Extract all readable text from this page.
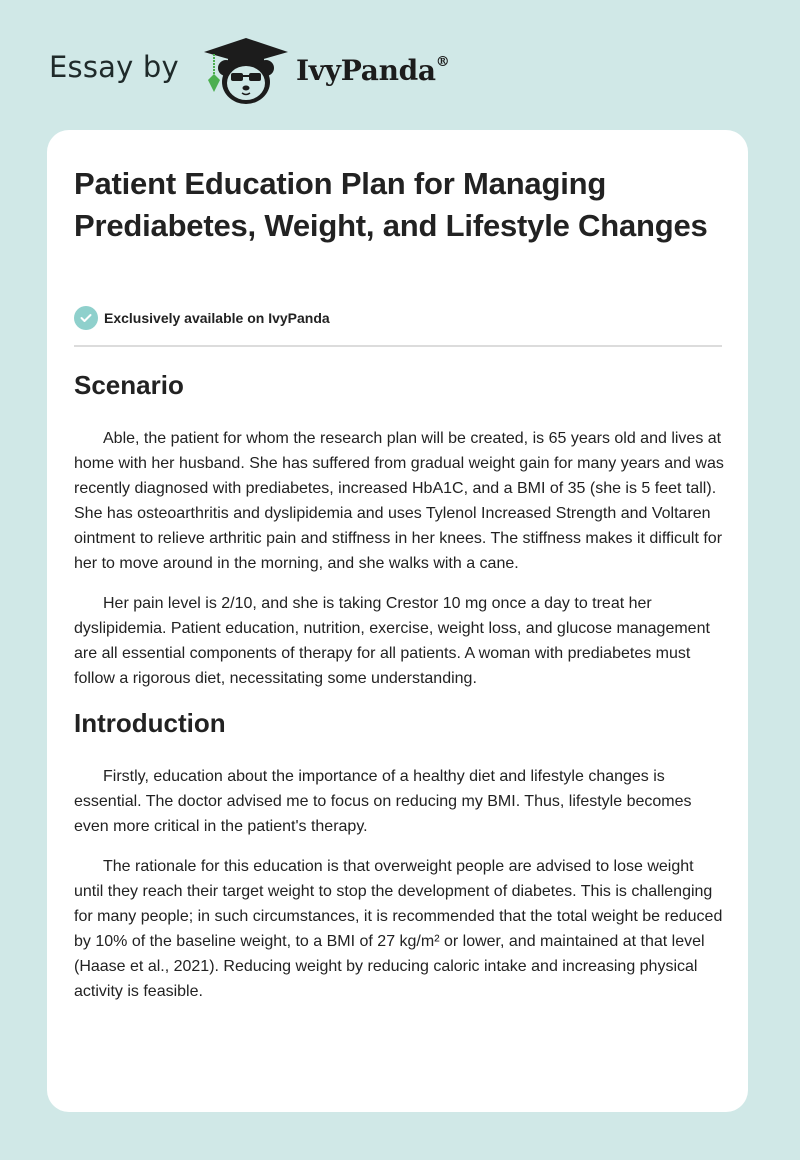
Essay by	IvyPanda®
Patient Education Plan for Managing Prediabetes, Weight, and Lifestyle Changes
Exclusively available on IvyPanda
Scenario

Able, the patient for whom the research plan will be created, is 65 years old and lives at home with her husband. She has suffered from gradual weight gain for many years and was recently diagnosed with prediabetes, increased HbA1C, and a BMI of 35 (she is 5 feet tall). She has osteoarthritis and dyslipidemia and uses Tylenol Increased Strength and Voltaren ointment to relieve arthritic pain and stiffness in her knees. The stiffness makes it difficult for her to move around in the morning, and she walks with a cane.

Her pain level is 2/10, and she is taking Crestor 10 mg once a day to treat her dyslipidemia. Patient education, nutrition, exercise, weight loss, and glucose management are all essential components of therapy for all patients. A woman with prediabetes must follow a rigorous diet, necessitating some understanding.

Introduction

Firstly, education about the importance of a healthy diet and lifestyle changes is essential. The doctor advised me to focus on reducing my BMI. Thus, lifestyle becomes even more critical in the patient's therapy.

The rationale for this education is that overweight people are advised to lose weight until they reach their target weight to stop the development of diabetes. This is challenging for many people; in such circumstances, it is recommended that the total weight be reduced by 10% of the baseline weight, to a BMI of 27 kg/m² or lower, and maintained at that level (Haase et al., 2021). Reducing weight by reducing caloric intake and increasing physical activity is feasible.
